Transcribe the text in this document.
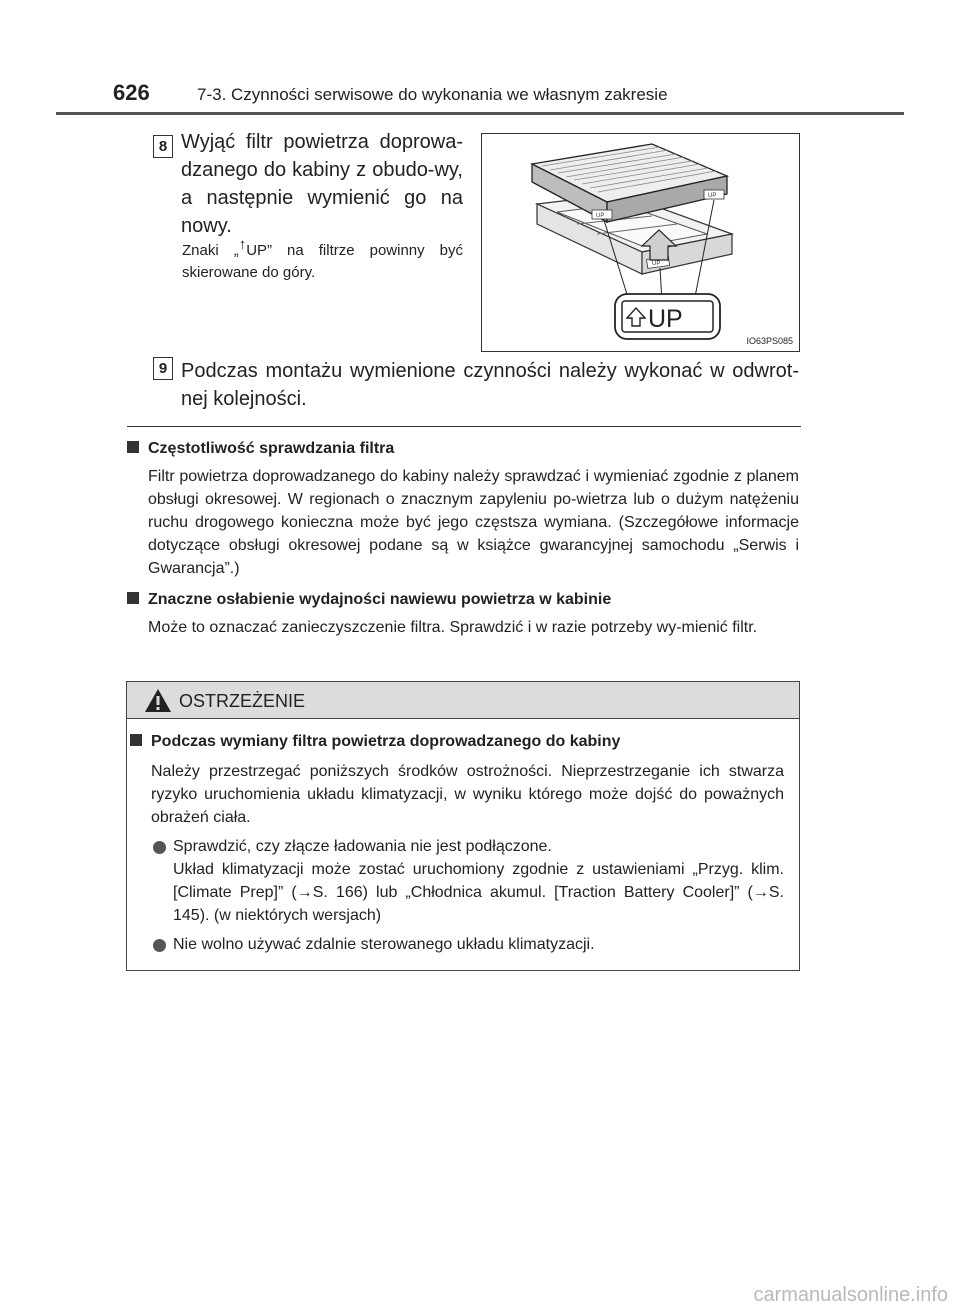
626	7-3. Czynności serwisowe do wykonania we własnym zakresie
8 Wyjąć filtr powietrza doprowa-dzanego do kabiny z obudo-wy, a następnie wymienić go na nowy.
Znaki „↑UP” na filtrze powinny być skierowane do góry.	UP
UP
UP
UP
IO63PS085
9 Podczas montażu wymienione czynności należy wykonać w odwrot-nej kolejności.
Częstotliwość sprawdzania filtra
Filtr powietrza doprowadzanego do kabiny należy sprawdzać i wymieniać zgodnie z planem obsługi okresowej. W regionach o znacznym zapyleniu po-wietrza lub o dużym natężeniu ruchu drogowego konieczna może być jego częstsza wymiana. (Szczegółowe informacje dotyczące obsługi okresowej podane są w książce gwarancyjnej samochodu „Serwis i Gwarancja”.)
Znaczne osłabienie wydajności nawiewu powietrza w kabinie
Może to oznaczać zanieczyszczenie filtra. Sprawdzić i w razie potrzeby wy-mienić filtr.
OSTRZEŻENIE
Podczas wymiany filtra powietrza doprowadzanego do kabiny
Należy przestrzegać poniższych środków ostrożności. Nieprzestrzeganie ich stwarza ryzyko uruchomienia układu klimatyzacji, w wyniku którego może dojść do poważnych obrażeń ciała.
Sprawdzić, czy złącze ładowania nie jest podłączone.
Układ klimatyzacji może zostać uruchomiony zgodnie z ustawieniami „Przyg. klim. [Climate Prep]” (→S. 166) lub „Chłodnica akumul. [Traction Battery Cooler]” (→S. 145). (w niektórych wersjach)
Nie wolno używać zdalnie sterowanego układu klimatyzacji.
carmanualsonline.info
